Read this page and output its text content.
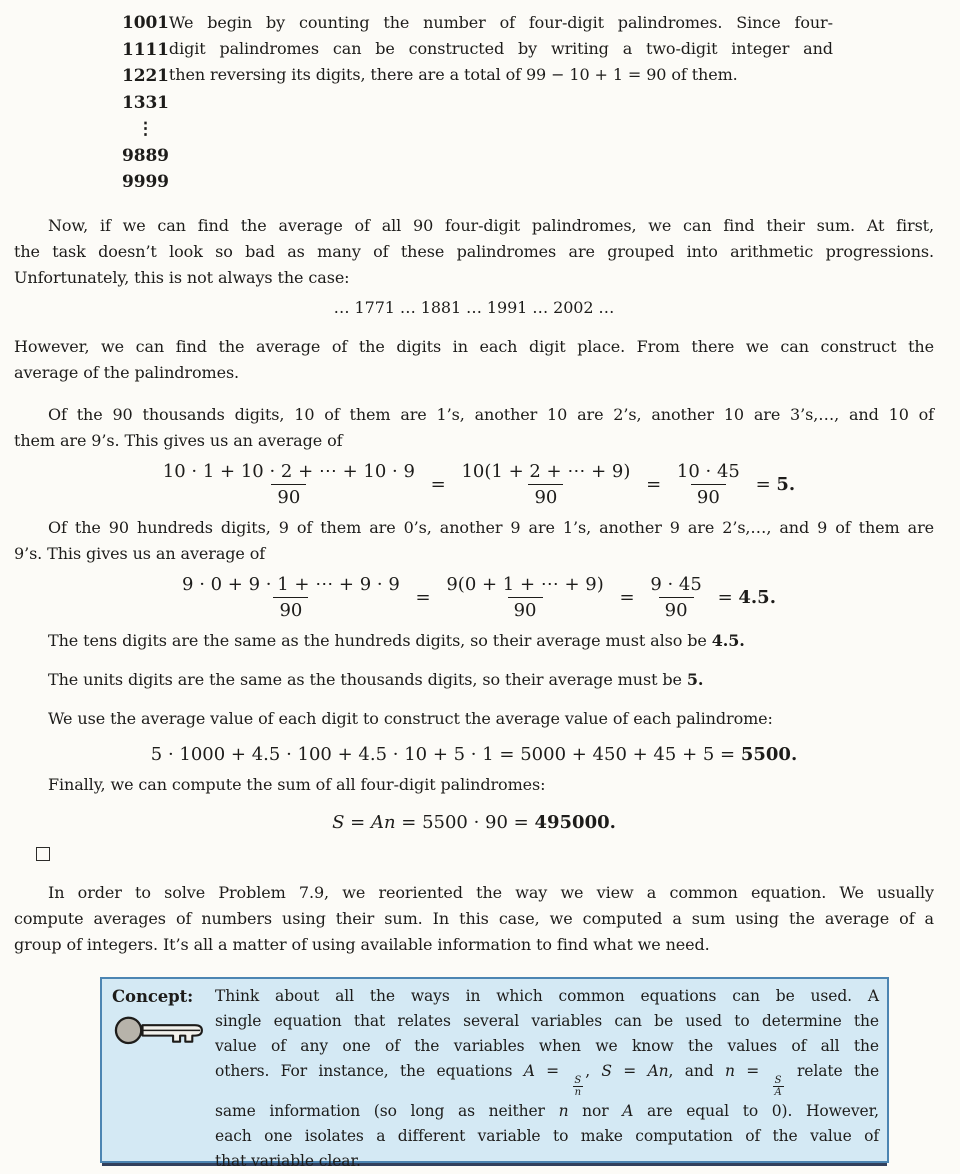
1001
1111
1221
1331
⋮
9889
9999
We begin by counting the number of four-digit palindromes. Since four-
digit palindromes can be constructed by writing a two-digit integer and
then reversing its digits, there are a total of 99 − 10 + 1 = 90 of them.
Now, if we can find the average of all 90 four-digit palindromes, we can find their sum. At first,
the task doesn’t look so bad as many of these palindromes are grouped into arithmetic progressions.
Unfortunately, this is not always the case:
… 1771 … 1881 … 1991 … 2002 …
However, we can find the average of the digits in each digit place. From there we can construct the
average of the palindromes.
Of the 90 thousands digits, 10 of them are 1’s, another 10 are 2’s, another 10 are 3’s,…, and 10 of
them are 9’s. This gives us an average of
$\frac{10 \cdot 1 + 10 \cdot 2 + \cdots + 10 \cdot 9}{90} = \frac{10(1 + 2 + \cdots + 9)}{90} = \frac{10 \cdot 45}{90} = 5$.
Of the 90 hundreds digits, 9 of them are 0’s, another 9 are 1’s, another 9 are 2’s,…, and 9 of them are
9’s. This gives us an average of
$\frac{9 \cdot 0 + 9 \cdot 1 + \cdots + 9 \cdot 9}{90} = \frac{9(0 + 1 + \cdots + 9)}{90} = \frac{9 \cdot 45}{90} = 4.5$.
The tens digits are the same as the hundreds digits, so their average must also be 4.5.
The units digits are the same as the thousands digits, so their average must be 5.
We use the average value of each digit to construct the average value of each palindrome:
5 · 1000 + 4.5 · 100 + 4.5 · 10 + 5 · 1 = 5000 + 450 + 45 + 5 = 5500.
Finally, we can compute the sum of all four-digit palindromes:
S = An = 5500 · 90 = 495000.
In order to solve Problem 7.9, we reoriented the way we view a common equation. We usually
compute averages of numbers using their sum. In this case, we computed a sum using the average of a
group of integers. It’s all a matter of using available information to find what we need.
Concept:	Think about all the ways in which common equations can be used. A
single equation that relates several variables can be used to determine the
value of any one of the variables when we know the values of all the
others. For instance, the equations A =
$\frac{S}{n}$
, S = An, and n =
$\frac{S}{A}$
relate the
same information (so long as neither n nor A are equal to 0). However,
each one isolates a different variable to make computation of the value of
that variable clear.
